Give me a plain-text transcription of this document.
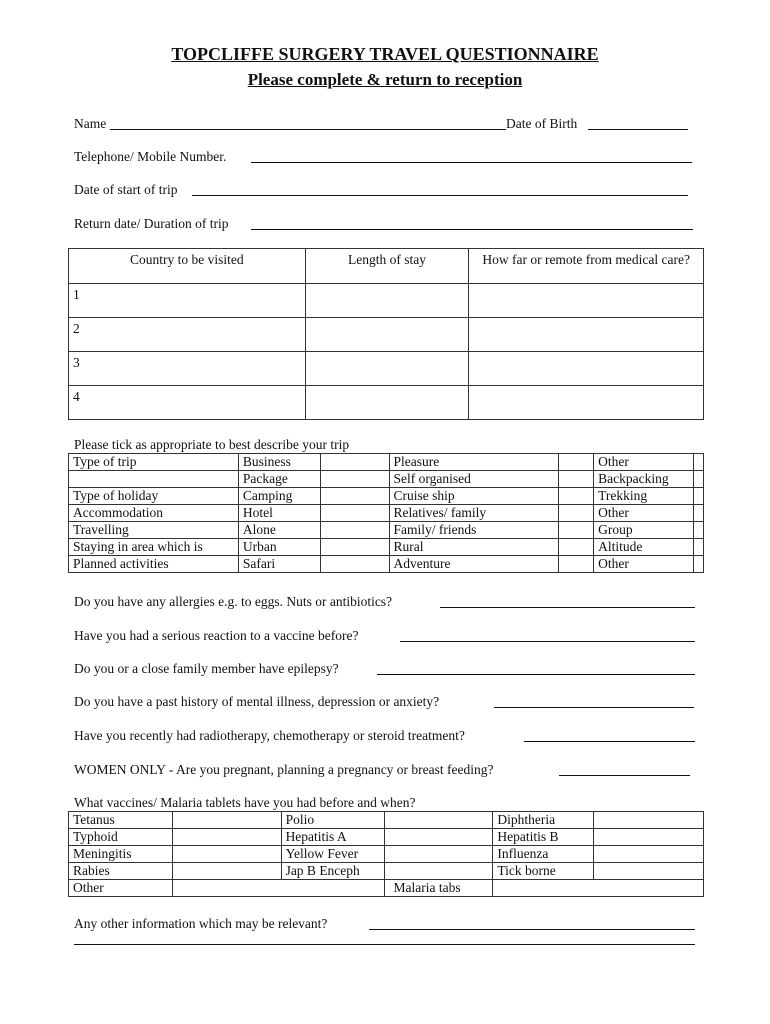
TOPCLIFFE SURGERY TRAVEL QUESTIONNAIRE
Please complete & return to reception
Name	Date of Birth
Telephone/ Mobile Number.
Date of start of trip
Return date/ Duration of trip
Country to be visited	Length of stay	How far or remote from medical care?
1		
2		
3		
4		
Please tick as appropriate to best describe your trip
Type of trip	Business		Pleasure		Other	
	Package		Self organised		Backpacking	
Type of holiday	Camping		Cruise ship		Trekking	
Accommodation	Hotel		Relatives/ family		Other	
Travelling	Alone		Family/ friends		Group	
Staying in area which is	Urban		Rural		Altitude	
Planned activities	Safari		Adventure		Other	
Do you have any allergies e.g. to eggs. Nuts or antibiotics?
Have you had a serious reaction to a vaccine before?
Do you or a close family member have epilepsy?
Do you have a past history of mental illness, depression or anxiety?
Have you recently had radiotherapy, chemotherapy or steroid treatment?
WOMEN ONLY - Are you pregnant, planning a pregnancy or breast feeding?
What vaccines/ Malaria tablets have you had before and when?
Tetanus		Polio		Diphtheria	
Typhoid		Hepatitis A		Hepatitis B	
Meningitis		Yellow Fever		Influenza	
Rabies		Jap B Enceph		Tick borne	
Other			Malaria tabs		
Any other information which may be relevant?
